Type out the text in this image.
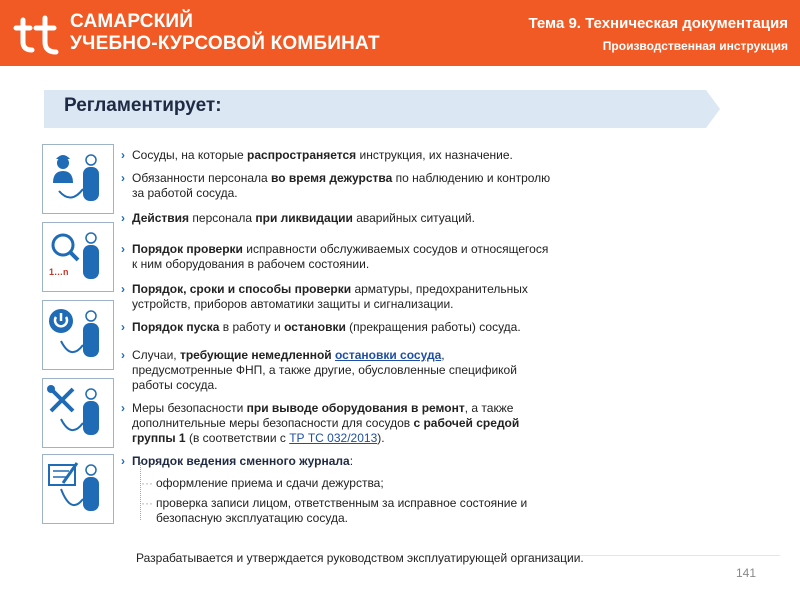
САМАРСКИЙ
УЧЕБНО-КУРСОВОЙ КОМБИНАТ
Тема 9. Техническая документация
Производственная инструкция
Регламентирует:
1…n
› Сосуды, на которые распространяется инструкция, их назначение.
› Обязанности персонала во время дежурства по наблюдению и контролю
за работой сосуда.
› Действия персонала при ликвидации аварийных ситуаций.
› Порядок проверки исправности обслуживаемых сосудов и относящегося
к ним оборудования в рабочем состоянии.
› Порядок, сроки и способы проверки арматуры, предохранительных
устройств, приборов автоматики защиты и сигнализации.
› Порядок пуска в работу и остановки (прекращения работы) сосуда.
› Случаи, требующие немедленной остановки сосуда,
предусмотренные ФНП, а также другие, обусловленные спецификой
работы сосуда.
› Меры безопасности при выводе оборудования в ремонт, а также
дополнительные меры безопасности для сосудов с рабочей средой
группы 1 (в соответствии с ТР ТС 032/2013).
› Порядок ведения сменного журнала:
··· оформление приема и сдачи дежурства;
··· проверка записи лицом, ответственным за исправное состояние и
безопасную эксплуатацию сосуда.
Разрабатывается и утверждается руководством эксплуатирующей организации.
141
